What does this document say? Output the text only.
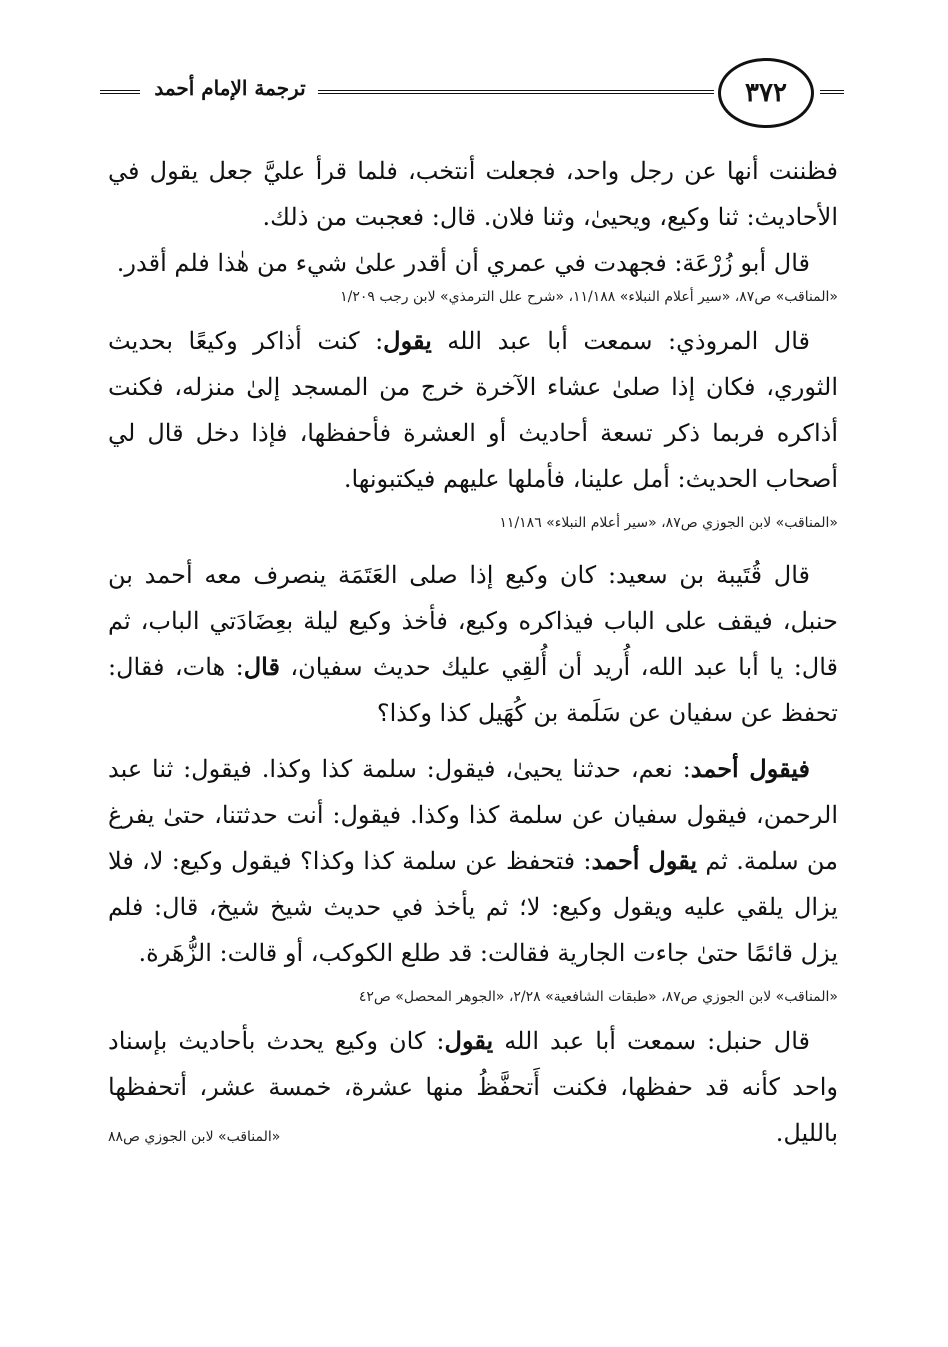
ترجمة الإمام أحمد	٣٧٢

فظننت أنها عن رجل واحد، فجعلت أنتخب، فلما قرأ عليَّ جعل يقول في الأحاديث: ثنا وكيع، ويحيىٰ، وثنا فلان. قال: فعجبت من ذلك.

قال أبو زُرْعَة: فجهدت في عمري أن أقدر علىٰ شيء من هٰذا فلم أقدر.

«المناقب» ص٨٧، «سير أعلام النبلاء» ١١/١٨٨، «شرح علل الترمذي» لابن رجب ١/٢٠٩

قال المروذي: سمعت أبا عبد الله يقول: كنت أذاكر وكيعًا بحديث الثوري، فكان إذا صلىٰ عشاء الآخرة خرج من المسجد إلىٰ منزله، فكنت أذاكره فربما ذكر تسعة أحاديث أو العشرة فأحفظها، فإذا دخل قال لي أصحاب الحديث: أمل علينا، فأملها عليهم فيكتبونها.

«المناقب» لابن الجوزي ص٨٧، «سير أعلام النبلاء» ١١/١٨٦

قال قُتَيبة بن سعيد: كان وكيع إذا صلى العَتَمَة ينصرف معه أحمد بن حنبل، فيقف على الباب فيذاكره وكيع، فأخذ وكيع ليلة بعِضَادَتي الباب، ثم قال: يا أبا عبد الله، أُريد أن أُلقِي عليك حديث سفيان، قال: هات، فقال: تحفظ عن سفيان عن سَلَمة بن كُهَيل كذا وكذا؟

فيقول أحمد: نعم، حدثنا يحيىٰ، فيقول: سلمة كذا وكذا. فيقول: ثنا عبد الرحمن، فيقول سفيان عن سلمة كذا وكذا. فيقول: أنت حدثتنا، حتىٰ يفرغ من سلمة. ثم يقول أحمد: فتحفظ عن سلمة كذا وكذا؟ فيقول وكيع: لا، فلا يزال يلقي عليه ويقول وكيع: لا؛ ثم يأخذ في حديث شيخ شيخ، قال: فلم يزل قائمًا حتىٰ جاءت الجارية فقالت: قد طلع الكوكب، أو قالت: الزُّهَرة.

«المناقب» لابن الجوزي ص٨٧، «طبقات الشافعية» ٢/٢٨، «الجوهر المحصل» ص٤٢

قال حنبل: سمعت أبا عبد الله يقول: كان وكيع يحدث بأحاديث بإسناد واحد كأنه قد حفظها، فكنت أَتحفَّظُ منها عشرة، خمسة عشر، أتحفظها بالليل.

«المناقب» لابن الجوزي ص٨٨
